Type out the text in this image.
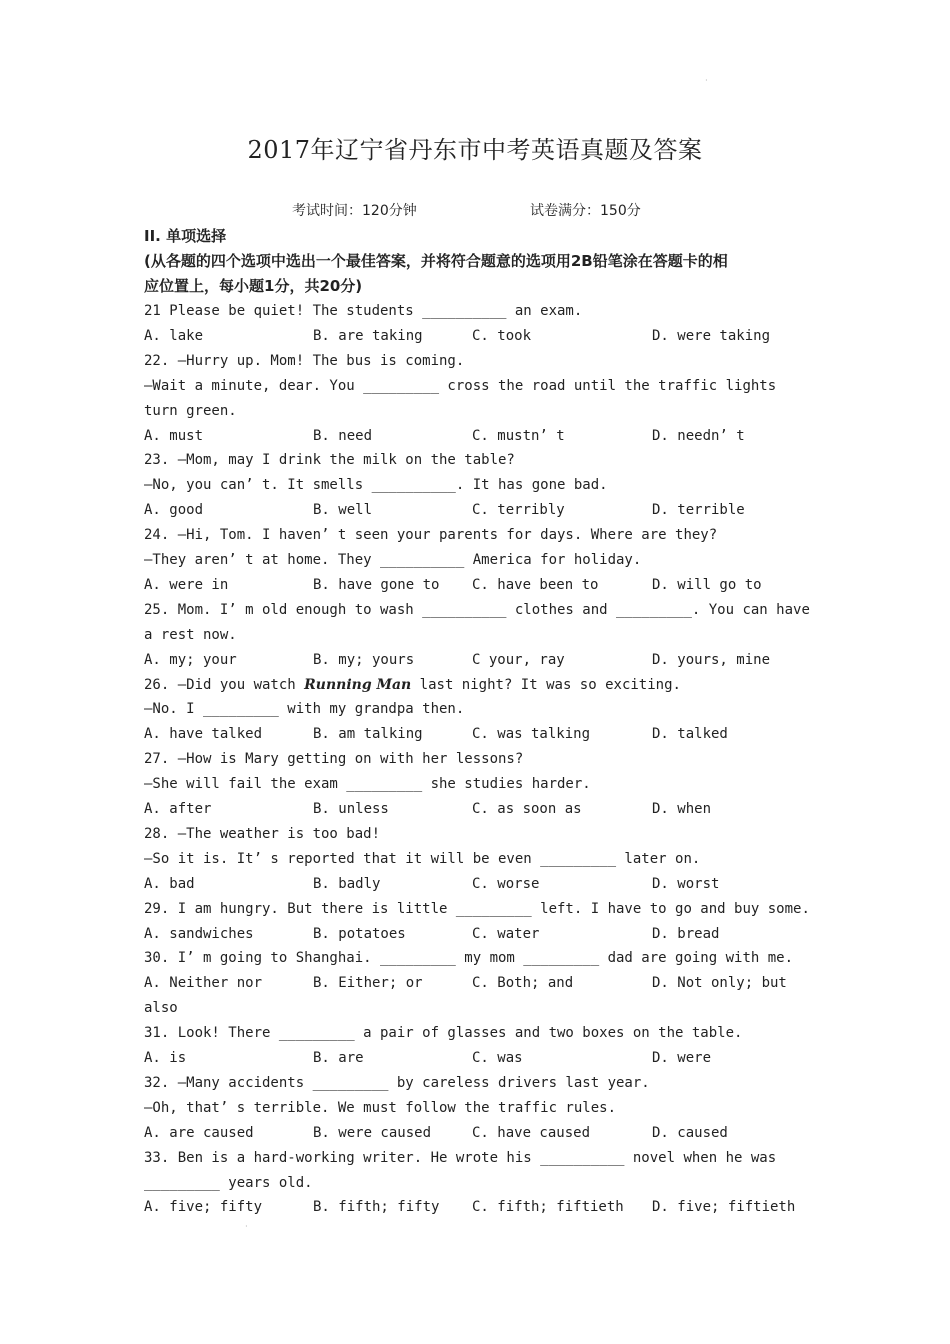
·
2017年辽宁省丹东市中考英语真题及答案
考试时间：120分钟	试卷满分：150分
II. 单项选择
(从各题的四个选项中选出一个最佳答案，并将符合题意的选项用2B铅笔涂在答题卡的相
应位置上，每小题1分，共20分)
21 Please be quiet! The students __________ an exam.
A. lake	B. are taking	C. took	D. were taking
22. —Hurry up. Mom! The bus is coming.
—Wait a minute, dear. You _________ cross the road until the traffic lights
turn green.
A. must	B. need	C. mustn’ t	D. needn’ t
23. —Mom, may I drink the milk on the table?
—No, you can’ t. It smells __________. It has gone bad.
A. good	B. well	C. terribly	D. terrible
24. —Hi, Tom. I haven’ t seen your parents for days. Where are they?
—They aren’ t at home. They __________ America for holiday.
A. were in	B. have gone to C. have been to	D. will go to
25. Mom. I’ m old enough to wash __________ clothes and _________. You can have
a rest now.
A. my; your	B. my; yours	C your, ray	D. yours, mine
26. —Did you watch Running Man last night? It was so exciting.
—No. I _________ with my grandpa then.
A. have talked	B. am talking	C. was talking	D. talked
27. —How is Mary getting on with her lessons?
—She will fail the exam _________ she studies harder.
A. after	B. unless	C. as soon as	D. when
28. —The weather is too bad!
—So it is. It’ s reported that it will be even _________ later on.
A. bad	B. badly	C. worse	D. worst
29. I am hungry. But there is little _________ left. I have to go and buy some.
A. sandwiches	B. potatoes	C. water	D. bread
30. I’ m going to Shanghai. _________ my mom _________ dad are going with me.
A. Neither nor	B. Either; or	C. Both; and	D. Not only; but
also
31. Look! There _________ a pair of glasses and two boxes on the table.
A. is	B. are	C. was	D. were
32. —Many accidents _________ by careless drivers last year.
—Oh, that’ s terrible. We must follow the traffic rules.
A. are caused	B. were caused	C. have caused	D. caused
33. Ben is a hard-working writer. He wrote his __________ novel when he was
_________ years old.
A. five; fifty	B. fifth; fifty C. fifth; fiftieth D. five; fiftieth
·
